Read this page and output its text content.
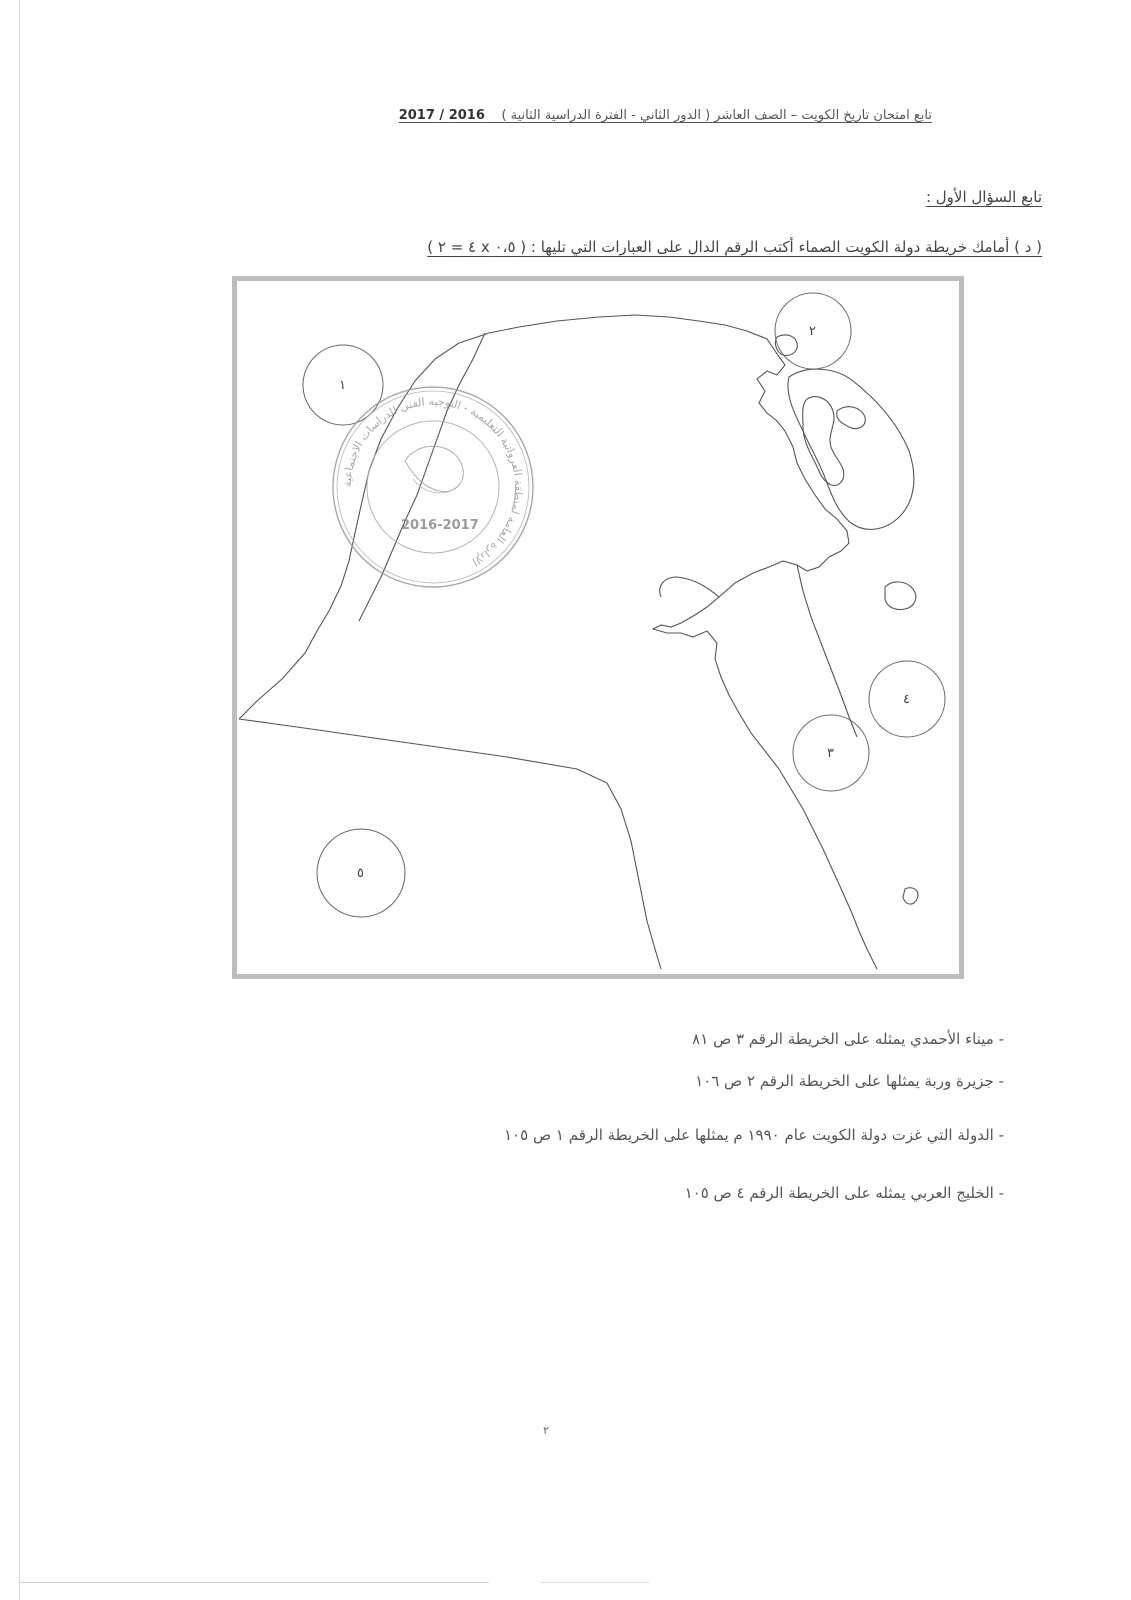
تابع امتحان تاريخ الكويت – الصف العاشر ( الدور الثاني - الفترة الدراسية الثانية )    2016 / 2017
تابع السؤال الأول :
( د ) أمامك خريطة دولة الكويت الصماء أكتب الرقم الدال على العبارات التي تليها : ( ٠،٥ x ٤ = ٢ )
١
٢
٣
٤
٥
الإدارة العامة لمنطقة الفروانية التعليمية - التوجيه الفني للدراسات الاجتماعية
2016-2017
- ميناء الأحمدي يمثله على الخريطة الرقم ٣ ص ٨١
- جزيرة وربة يمثلها على الخريطة الرقم ٢ ص ١٠٦
- الدولة التي غزت دولة الكويت عام ١٩٩٠ م يمثلها على الخريطة الرقم ١ ص ١٠٥
- الخليج العربي يمثله على الخريطة الرقم ٤ ص ١٠٥
٢
